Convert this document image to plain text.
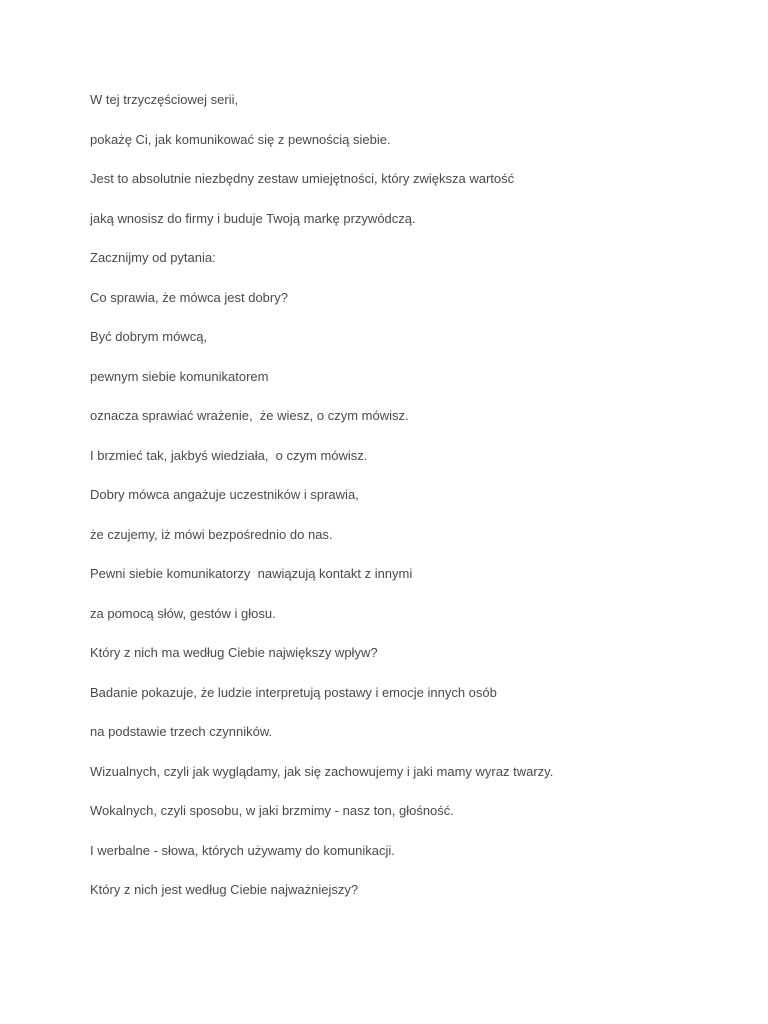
W tej trzyczęściowej serii,

pokażę Ci, jak komunikować się z pewnością siebie.

Jest to absolutnie niezbędny zestaw umiejętności, który zwiększa wartość

jaką wnosisz do firmy i buduje Twoją markę przywódczą.

Zacznijmy od pytania:

Co sprawia, że mówca jest dobry?

Być dobrym mówcą,

pewnym siebie komunikatorem

oznacza sprawiać wrażenie,  że wiesz, o czym mówisz.

I brzmieć tak, jakbyś wiedziała,  o czym mówisz.

Dobry mówca angażuje uczestników i sprawia,

że czujemy, iż mówi bezpośrednio do nas.

Pewni siebie komunikatorzy  nawiązują kontakt z innymi

za pomocą słów, gestów i głosu.

Który z nich ma według Ciebie największy wpływ?

Badanie pokazuje, że ludzie interpretują postawy i emocje innych osób

na podstawie trzech czynników.

Wizualnych, czyli jak wyglądamy, jak się zachowujemy i jaki mamy wyraz twarzy.

Wokalnych, czyli sposobu, w jaki brzmimy - nasz ton, głośność.

I werbalne - słowa, których używamy do komunikacji.

Który z nich jest według Ciebie najważniejszy?
